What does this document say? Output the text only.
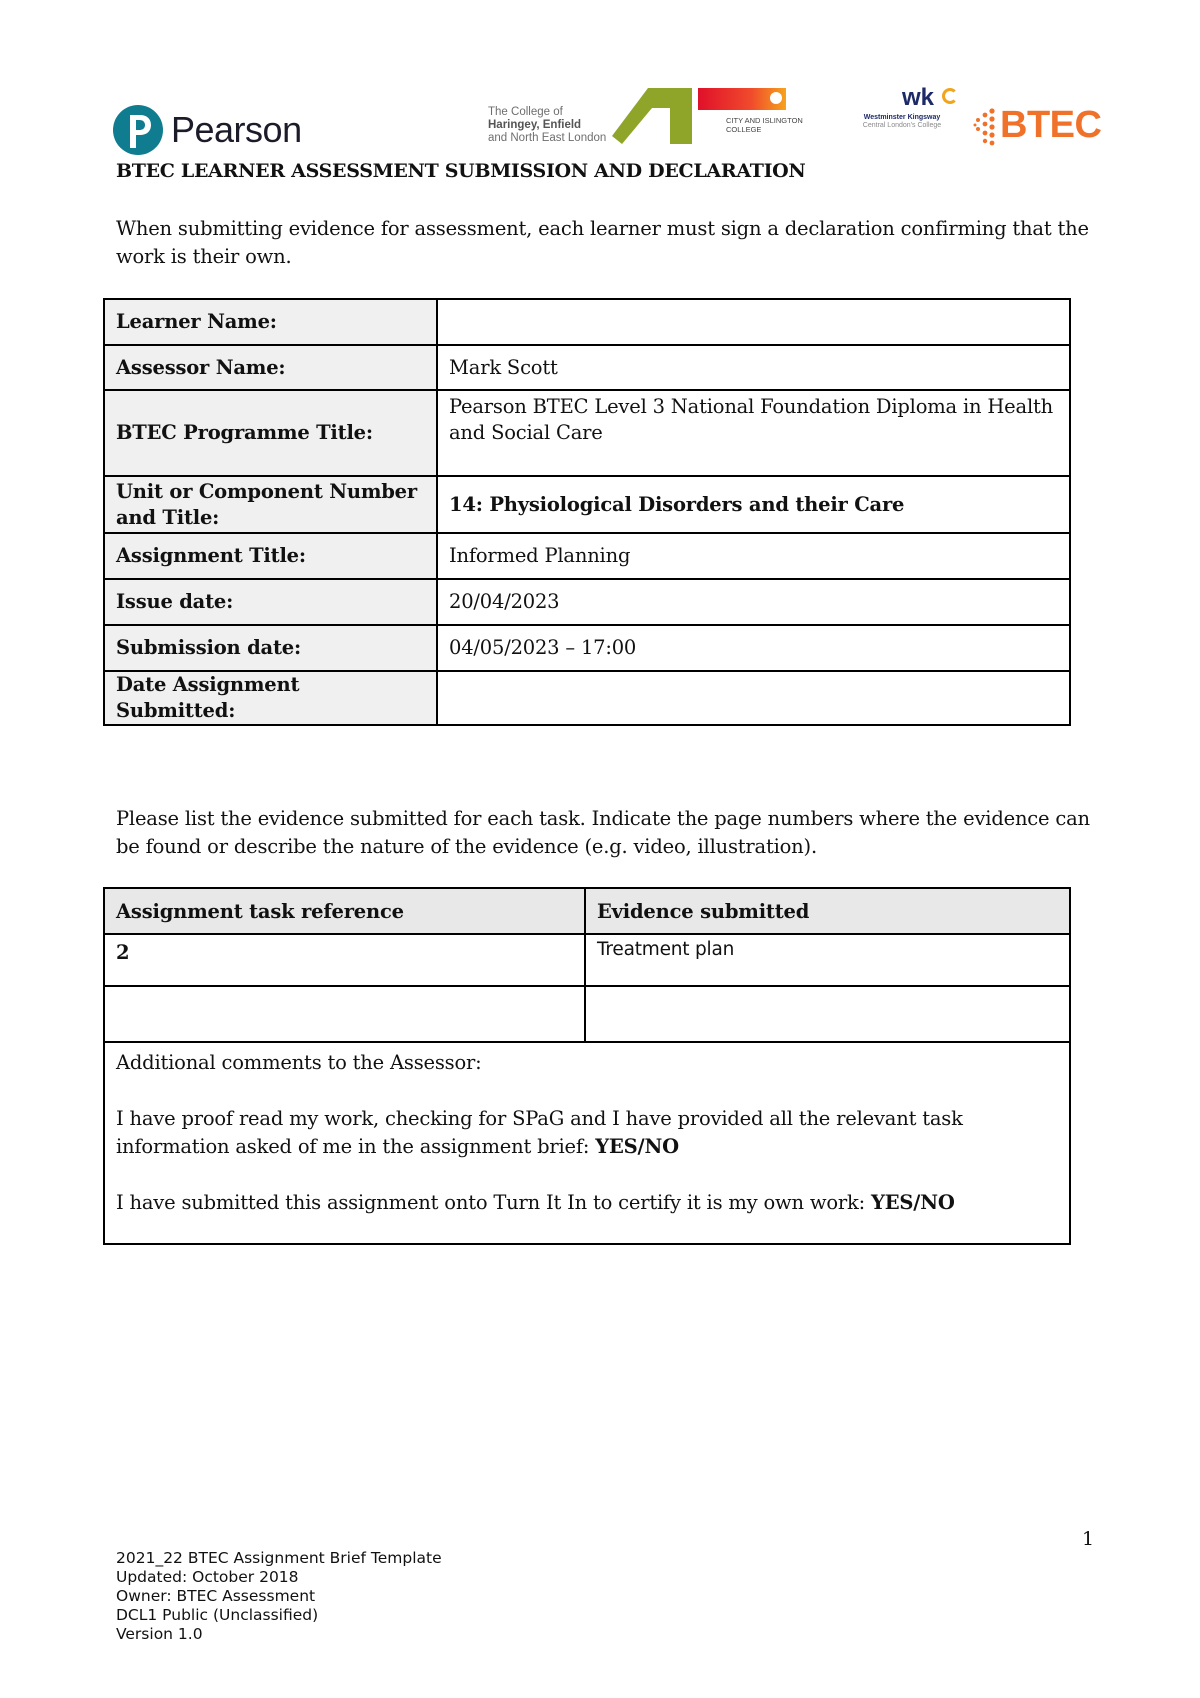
Pearson	The College of
Haringey, Enfield
and North East London
CITY AND ISLINGTON
COLLEGE
wk
Westminster Kingsway
Central London's College BTEC
BTEC LEARNER ASSESSMENT SUBMISSION AND DECLARATION
When submitting evidence for assessment, each learner must sign a declaration confirming that the work is their own.
Learner Name:	
Assessor Name:	Mark Scott
BTEC Programme Title:	Pearson BTEC Level 3 National Foundation Diploma in Health and Social Care
Unit or Component Number and Title:	14: Physiological Disorders and their Care
Assignment Title:	Informed Planning
Issue date:	20/04/2023
Submission date:	04/05/2023 – 17:00
Date Assignment Submitted:	
Please list the evidence submitted for each task. Indicate the page numbers where the evidence can be found or describe the nature of the evidence (e.g. video, illustration).
Assignment task reference	Evidence submitted
2	Treatment plan

Additional comments to the Assessor:

I have proof read my work, checking for SPaG and I have provided all the relevant task information asked of me in the assignment brief: YES/NO

I have submitted this assignment onto Turn It In to certify it is my own work: YES/NO	

1
2021_22 BTEC Assignment Brief Template
Updated: October 2018
Owner: BTEC Assessment
DCL1 Public (Unclassified)
Version 1.0
